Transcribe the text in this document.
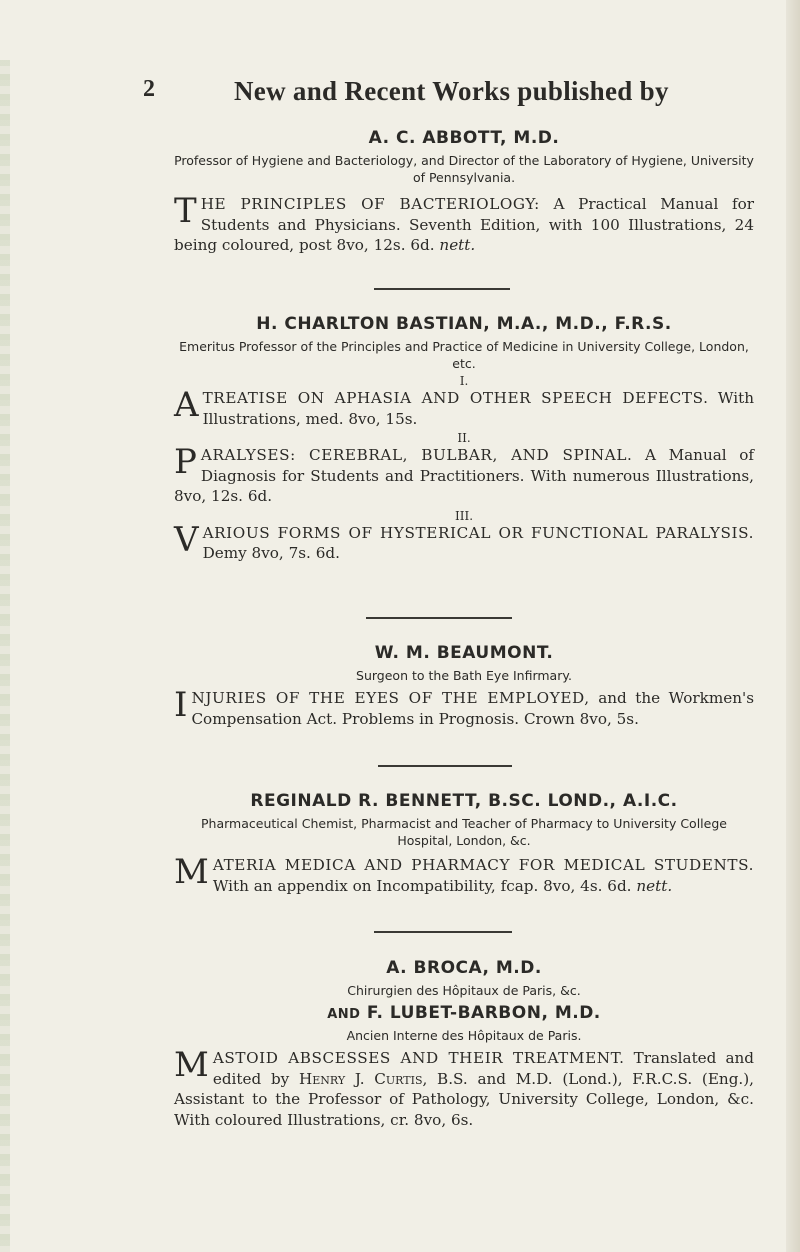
2	New and Recent Works published by

A. C. ABBOTT, M.D.

Professor of Hygiene and Bacteriology, and Director of the Laboratory of Hygiene, University of Pennsylvania.

THE PRINCIPLES OF BACTERIOLOGY: A Practical Manual for Students and Physicians. Seventh Edition, with 100 Illustrations, 24 being coloured, post 8vo, 12s. 6d. nett.

H. CHARLTON BASTIAN, M.A., M.D., F.R.S.

Emeritus Professor of the Principles and Practice of Medicine in University College, London, etc.

I.

A TREATISE ON APHASIA AND OTHER SPEECH DEFECTS. With Illustrations, med. 8vo, 15s.

II.

PARALYSES: CEREBRAL, BULBAR, AND SPINAL. A Manual of Diagnosis for Students and Practitioners. With numerous Illustrations, 8vo, 12s. 6d.

III.

VARIOUS FORMS OF HYSTERICAL OR FUNCTIONAL PARALYSIS. Demy 8vo, 7s. 6d.

W. M. BEAUMONT.

Surgeon to the Bath Eye Infirmary.

INJURIES OF THE EYES OF THE EMPLOYED, and the Workmen's Compensation Act. Problems in Prognosis. Crown 8vo, 5s.

REGINALD R. BENNETT, B.SC. LOND., A.I.C.

Pharmaceutical Chemist, Pharmacist and Teacher of Pharmacy to University College Hospital, London, &c.

MATERIA MEDICA AND PHARMACY FOR MEDICAL STUDENTS. With an appendix on Incompatibility, fcap. 8vo, 4s. 6d. nett.

A. BROCA, M.D.

Chirurgien des Hôpitaux de Paris, &c.

AND F. LUBET-BARBON, M.D.

Ancien Interne des Hôpitaux de Paris.

MASTOID ABSCESSES AND THEIR TREATMENT. Translated and edited by Henry J. Curtis, B.S. and M.D. (Lond.), F.R.C.S. (Eng.), Assistant to the Professor of Pathology, University College, London, &c. With coloured Illustrations, cr. 8vo, 6s.
